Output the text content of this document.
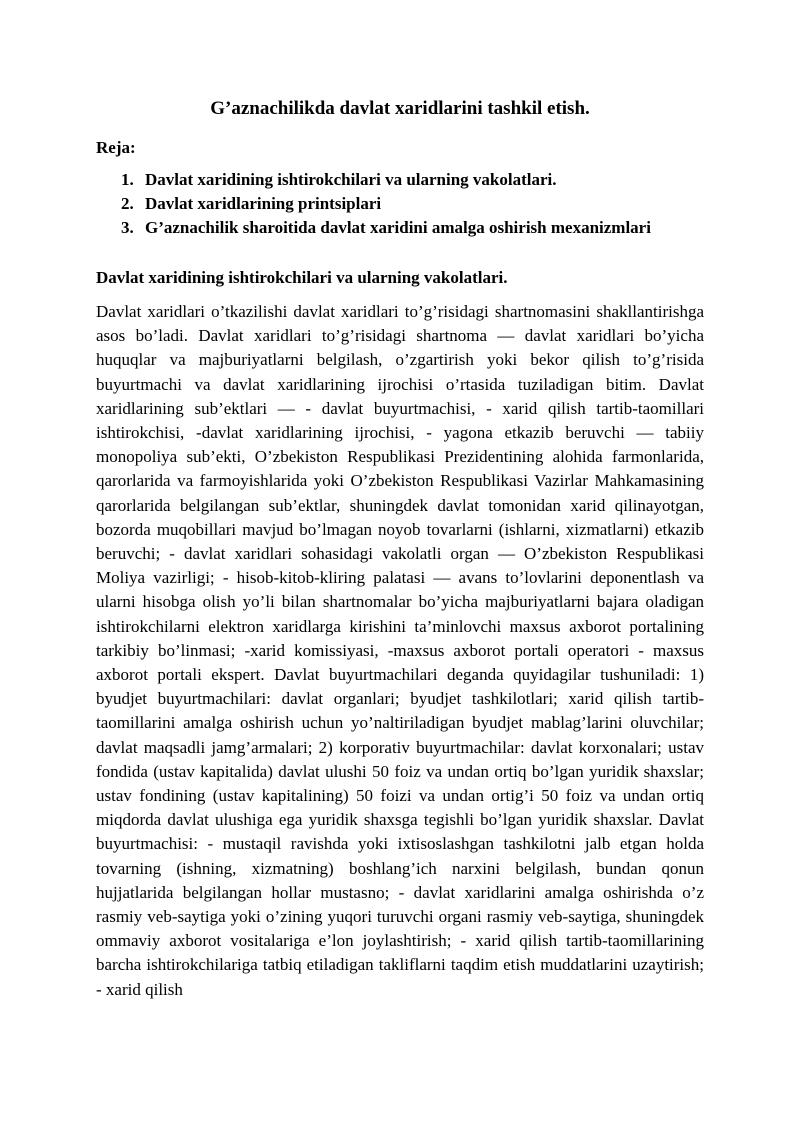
G’aznachilikda davlat xaridlarini tashkil etish.
Reja:
1. Davlat xaridining ishtirokchilari va ularning vakolatlari.
2. Davlat xaridlarining printsiplari
3. G’aznachilik sharoitida davlat xaridini amalga oshirish mexanizmlari
Davlat xaridining ishtirokchilari va ularning vakolatlari.

Davlat xaridlari o’tkazilishi davlat xaridlari to’g’risidagi shartnomasini shakllantirishga asos bo’ladi. Davlat xaridlari to’g’risidagi shartnoma — davlat xaridlari bo’yicha huquqlar va majburiyatlarni belgilash, o’zgartirish yoki bekor qilish to’g’risida buyurtmachi va davlat xaridlarining ijrochisi o’rtasida tuziladigan bitim. Davlat xaridlarining sub’ektlari — - davlat buyurtmachisi, - xarid qilish tartib-taomillari ishtirokchisi, -davlat xaridlarining ijrochisi, - yagona etkazib beruvchi — tabiiy monopoliya sub’ekti, O’zbekiston Respublikasi Prezidentining alohida farmonlarida, qarorlarida va farmoyishlarida yoki O’zbekiston Respublikasi Vazirlar Mahkamasining qarorlarida belgilangan sub’ektlar, shuningdek davlat tomonidan xarid qilinayotgan, bozorda muqobillari mavjud bo’lmagan noyob tovarlarni (ishlarni, xizmatlarni) etkazib beruvchi; - davlat xaridlari sohasidagi vakolatli organ — O’zbekiston Respublikasi Moliya vazirligi; - hisob-kitob-kliring palatasi — avans to’lovlarini deponentlash va ularni hisobga olish yo’li bilan shartnomalar bo’yicha majburiyatlarni bajara oladigan ishtirokchilarni elektron xaridlarga kirishini ta’minlovchi maxsus axborot portalining tarkibiy bo’linmasi; -xarid komissiyasi, -maxsus axborot portali operatori - maxsus axborot portali ekspert. Davlat buyurtmachilari deganda quyidagilar tushuniladi: 1) byudjet buyurtmachilari: davlat organlari; byudjet tashkilotlari; xarid qilish tartib-taomillarini amalga oshirish uchun yo’naltiriladigan byudjet mablag’larini oluvchilar; davlat maqsadli jamg’armalari; 2) korporativ buyurtmachilar: davlat korxonalari; ustav fondida (ustav kapitalida) davlat ulushi 50 foiz va undan ortiq bo’lgan yuridik shaxslar; ustav fondining (ustav kapitalining) 50 foizi va undan ortig’i 50 foiz va undan ortiq miqdorda davlat ulushiga ega yuridik shaxsga tegishli bo’lgan yuridik shaxslar. Davlat buyurtmachisi: - mustaqil ravishda yoki ixtisoslashgan tashkilotni jalb etgan holda tovarning (ishning, xizmatning) boshlang’ich narxini belgilash, bundan qonun hujjatlarida belgilangan hollar mustasno; - davlat xaridlarini amalga oshirishda o’z rasmiy veb-saytiga yoki o’zining yuqori turuvchi organi rasmiy veb-saytiga, shuningdek ommaviy axborot vositalariga e’lon joylashtirish; - xarid qilish tartib-taomillarining barcha ishtirokchilariga tatbiq etiladigan takliflarni taqdim etish muddatlarini uzaytirish; - xarid qilish
